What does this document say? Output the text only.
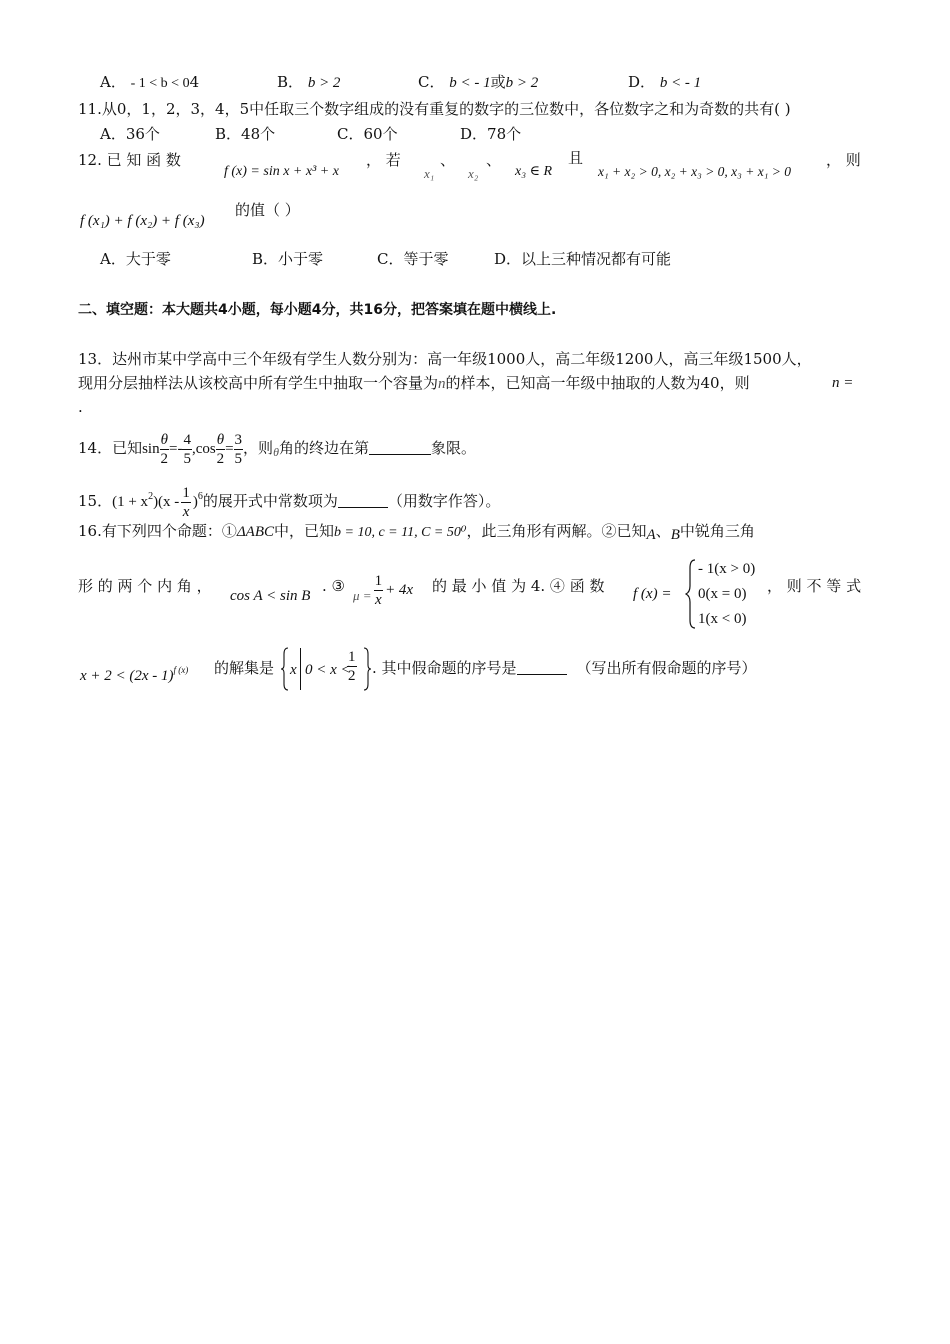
A． - 1 < b < 04	B． b > 2	C． b < - 1或b > 2	D． b < - 1
11.从0，1，2，3，4，5中任取三个数字组成的没有重复的数字的三位数中，各位数字之和为奇数的共有( )
A．36个	B．48个	C．60个	D．78个
12. 已 知 函 数
f (x) = sin x + x³ + x
， 若
x₁
、
x₂
、
x₃ ∈ R
且
x₁ + x₂ > 0, x₂ + x₃ > 0, x₃ + x₁ > 0
， 则
f (x₁) + f (x₂) + f (x₃)
的值（ ）
A．大于零	B．小于零	C．等于零	D．以上三种情况都有可能
二、填空题：本大题共4小题，每小题4分，共16分，把答案填在题中横线上.
13．达州市某中学高中三个年级有学生人数分别为：高一年级1000人，高二年级1200人，高三年级1500人，
现用分层抽样法从该校高中所有学生中抽取一个容量为n的样本，已知高一年级中抽取的人数为40，则	n =
.
14．已知$\sin \frac{\theta}{2} =- \frac{4}{5} ,\cos \frac{\theta}{2} = \frac{3}{5}$ ，则$_\theta$角的终边在第	象限。
15．$(1 + x^2)(x - \frac{1}{x} )^6$的展开式中常数项为	（用数字作答）。
16.有下列四个命题：①ΔABC中，已知b = 10, c = 11, C = 50⁰，此三角形有两解。②已知A、B中锐角三角
形 的 两 个 内 角 ，
cos A < sin B
. ③
$\mu = \frac{1}{x} + 4x$ 的 最 小 值 为 4. ④ 函 数 f (x) =
- 1(x > 0)
0(x = 0)
1(x < 0)
， 则 不 等 式
x + 2 < (2x - 1)$^{f (x)}$ 的解集是 x 0 < x <
$\frac{1}{2}$ . 其中假命题的序号是	（写出所有假命题的序号）
